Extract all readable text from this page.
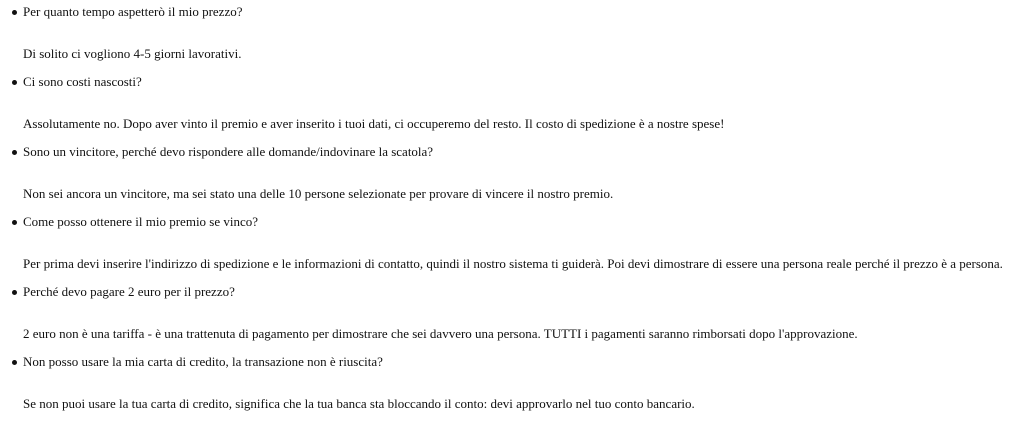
Per quanto tempo aspetterò il mio prezzo?
Di solito ci vogliono 4-5 giorni lavorativi.
Ci sono costi nascosti?
Assolutamente no. Dopo aver vinto il premio e aver inserito i tuoi dati, ci occuperemo del resto. Il costo di spedizione è a nostre spese!
Sono un vincitore, perché devo rispondere alle domande/indovinare la scatola?
Non sei ancora un vincitore, ma sei stato una delle 10 persone selezionate per provare di vincere il nostro premio.
Come posso ottenere il mio premio se vinco?
Per prima devi inserire l'indirizzo di spedizione e le informazioni di contatto, quindi il nostro sistema ti guiderà. Poi devi dimostrare di essere una persona reale perché il prezzo è a persona.
Perché devo pagare 2 euro per il prezzo?
2 euro non è una tariffa - è una trattenuta di pagamento per dimostrare che sei davvero una persona. TUTTI i pagamenti saranno rimborsati dopo l'approvazione.
Non posso usare la mia carta di credito, la transazione non è riuscita?
Se non puoi usare la tua carta di credito, significa che la tua banca sta bloccando il conto: devi approvarlo nel tuo conto bancario.
